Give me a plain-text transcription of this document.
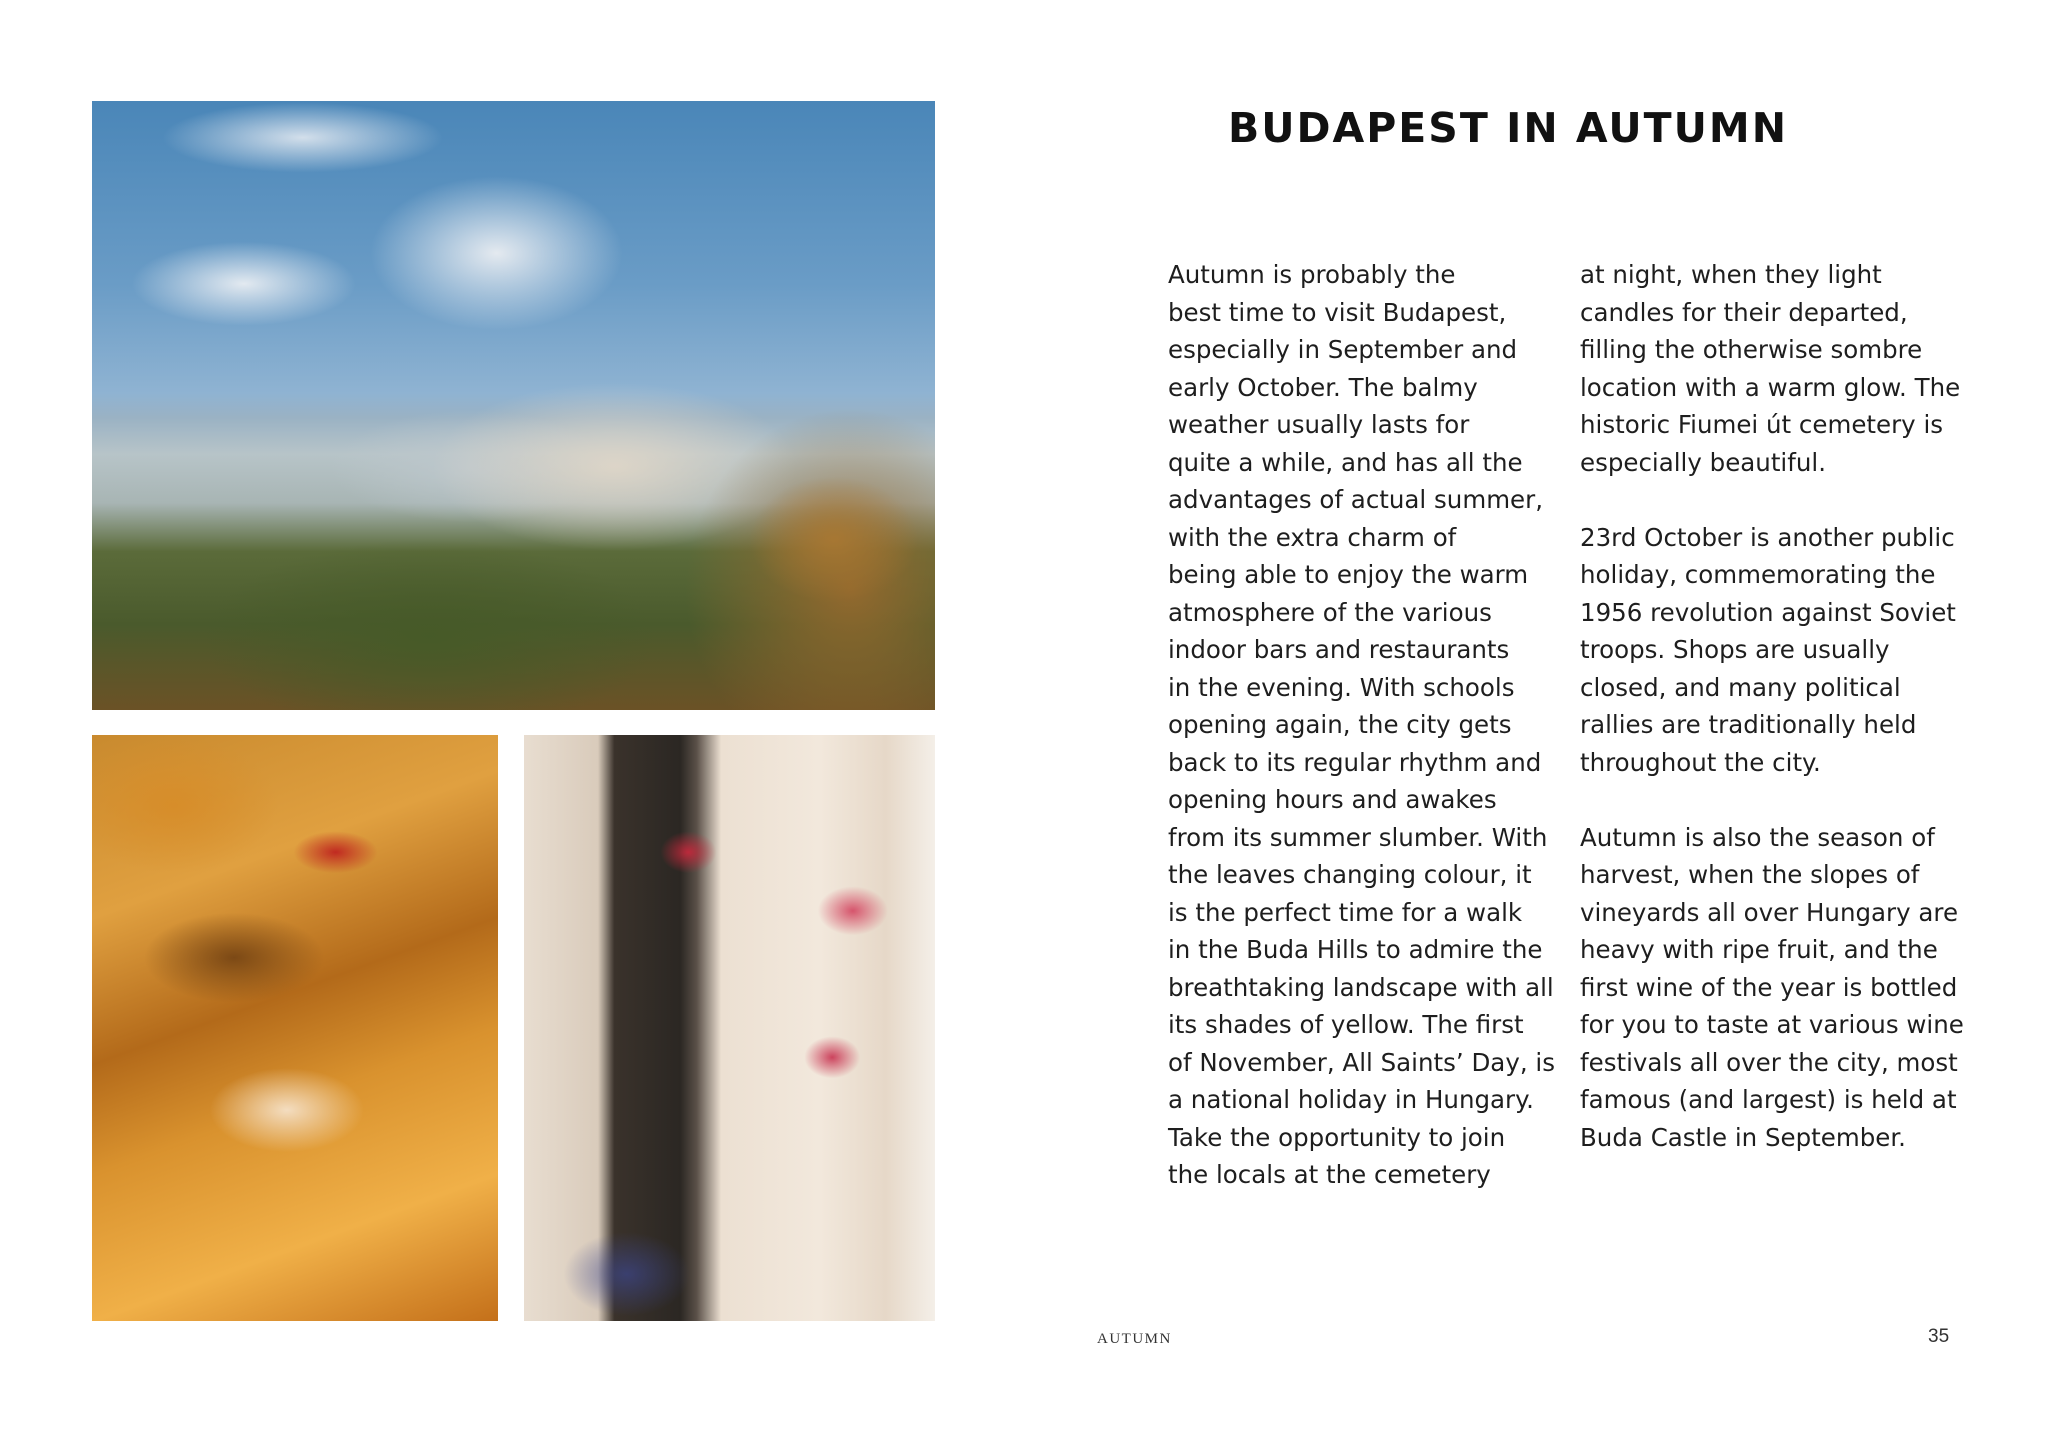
BUDAPEST IN AUTUMN
Autumn is probably the
best time to visit Budapest,
especially in September and
early October. The balmy
weather usually lasts for
quite a while, and has all the
advantages of actual summer,
with the extra charm of
being able to enjoy the warm
atmosphere of the various
indoor bars and restaurants
in the evening. With schools
opening again, the city gets
back to its regular rhythm and
opening hours and awakes
from its summer slumber. With
the leaves changing colour, it
is the perfect time for a walk
in the Buda Hills to admire the
breathtaking landscape with all
its shades of yellow. The first
of November, All Saints’ Day, is
a national holiday in Hungary.
Take the opportunity to join
the locals at the cemetery
at night, when they light
candles for their departed,
filling the otherwise sombre
location with a warm glow. The
historic Fiumei út cemetery is
especially beautiful.
23rd October is another public
holiday, commemorating the
1956 revolution against Soviet
troops. Shops are usually
closed, and many political
rallies are traditionally held
throughout the city.
Autumn is also the season of
harvest, when the slopes of
vineyards all over Hungary are
heavy with ripe fruit, and the
first wine of the year is bottled
for you to taste at various wine
festivals all over the city, most
famous (and largest) is held at
Buda Castle in September.
AUTUMN	35
